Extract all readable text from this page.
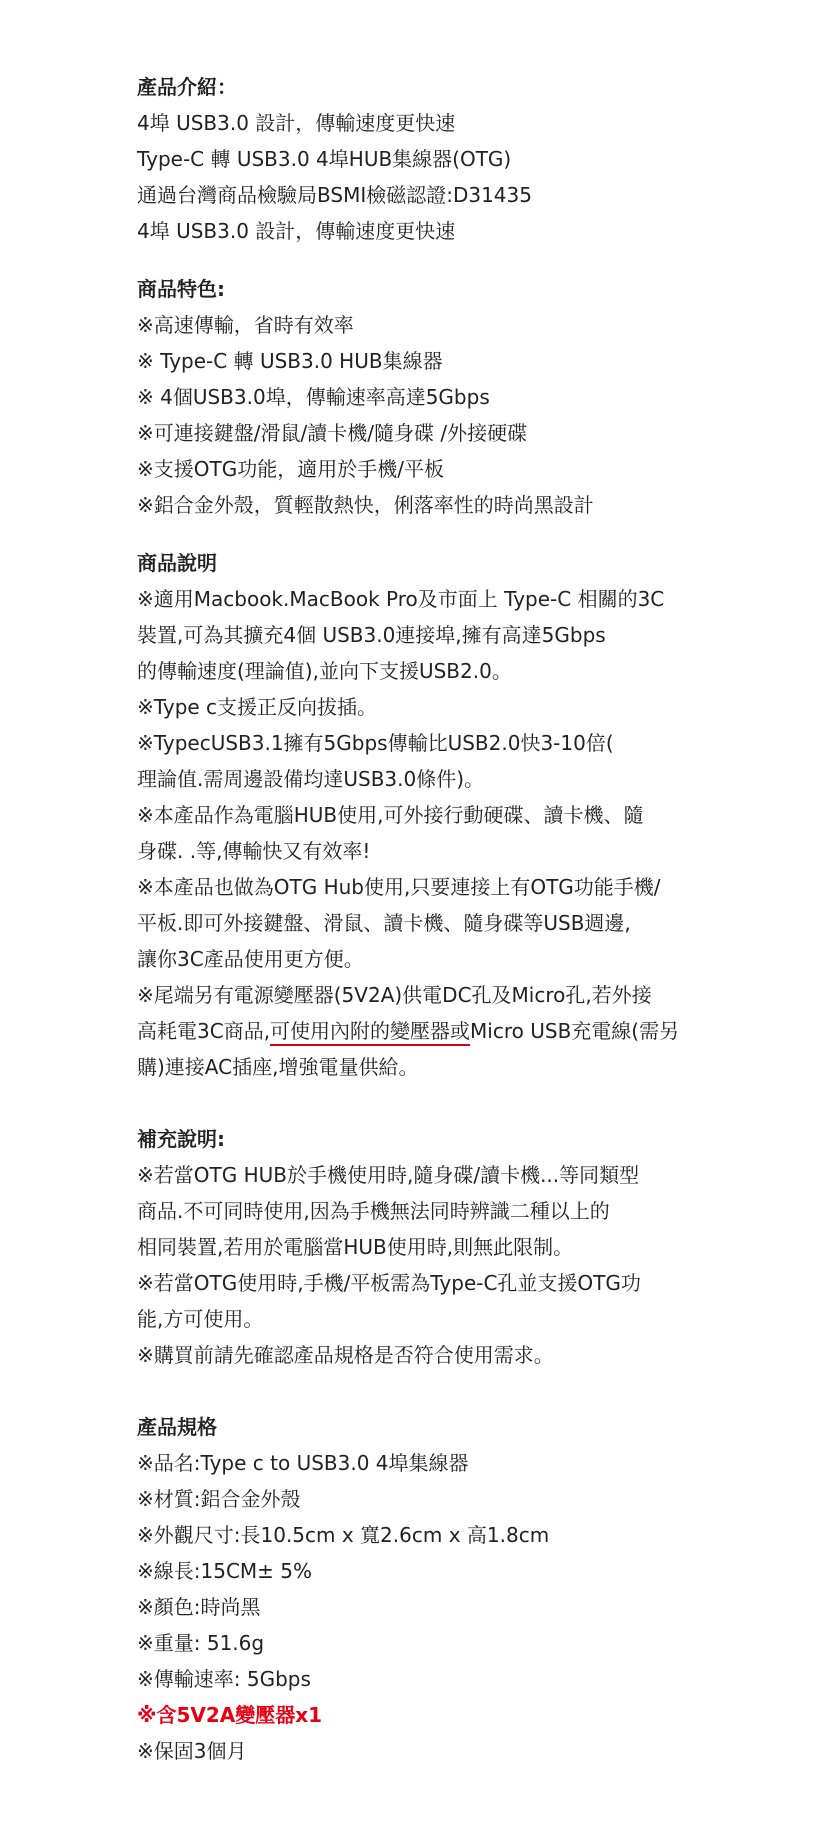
產品介紹：
4埠 USB3.0 設計，傳輸速度更快速
Type-C 轉 USB3.0 4埠HUB集線器(OTG)
通過台灣商品檢驗局BSMI檢磁認證:D31435
4埠 USB3.0 設計，傳輸速度更快速
商品特色:
※高速傳輸，省時有效率
※ Type-C 轉 USB3.0 HUB集線器
※ 4個USB3.0埠，傳輸速率高達5Gbps
※可連接鍵盤/滑鼠/讀卡機/隨身碟 /外接硬碟
※支援OTG功能，適用於手機/平板
※鋁合金外殼，質輕散熱快，俐落率性的時尚黑設計
商品說明
※適用Macbook.MacBook Pro及市面上 Type-C 相關的3C
裝置,可為其擴充4個 USB3.0連接埠,擁有高達5Gbps
的傳輸速度(理論值),並向下支援USB2.0。
※Type c支援正反向拔插。
※TypecUSB3.1擁有5Gbps傳輸比USB2.0快3-10倍(
理論值.需周邊設備均達USB3.0條件)。
※本產品作為電腦HUB使用,可外接行動硬碟、讀卡機、隨
身碟. .等,傳輸快又有效率!
※本產品也做為OTG Hub使用,只要連接上有OTG功能手機/
平板.即可外接鍵盤、滑鼠、讀卡機、隨身碟等USB週邊,
讓你3C產品使用更方便。
※尾端另有電源變壓器(5V2A)供電DC孔及Micro孔,若外接
高耗電3C商品,可使用內附的變壓器或Micro USB充電線(需另
購)連接AC插座,增強電量供給。
補充說明:
※若當OTG HUB於手機使用時,隨身碟/讀卡機...等同類型
商品.不可同時使用,因為手機無法同時辨識二種以上的
相同裝置,若用於電腦當HUB使用時,則無此限制。
※若當OTG使用時,手機/平板需為Type-C孔並支援OTG功
能,方可使用。
※購買前請先確認產品規格是否符合使用需求。
產品規格
※品名:Type c to USB3.0 4埠集線器
※材質:鋁合金外殼
※外觀尺寸:長10.5cm x 寬2.6cm x 高1.8cm
※線長:15CM± 5%
※顏色:時尚黑
※重量: 51.6g
※傳輸速率: 5Gbps
※含5V2A變壓器x1
※保固3個月
